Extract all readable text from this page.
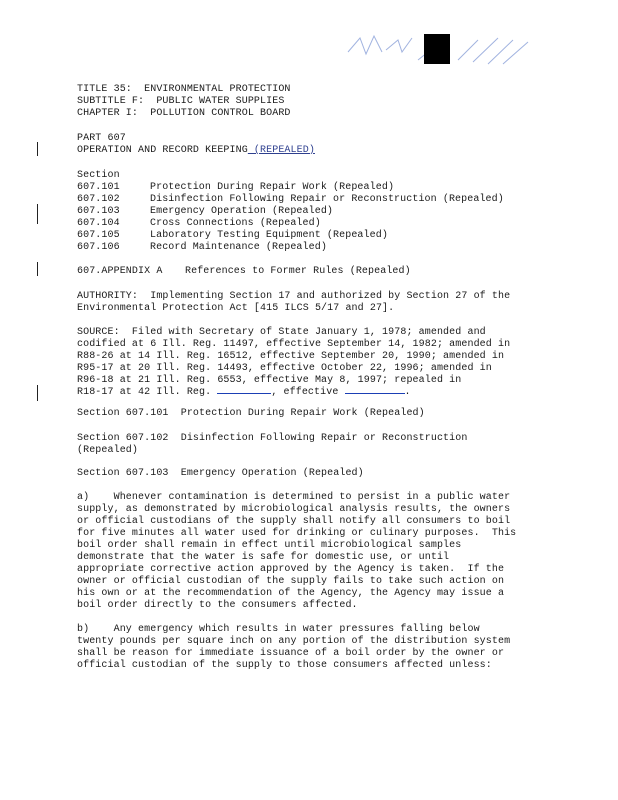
TITLE 35:  ENVIRONMENTAL PROTECTION
SUBTITLE F:  PUBLIC WATER SUPPLIES
CHAPTER I:  POLLUTION CONTROL BOARD
PART 607
OPERATION AND RECORD KEEPING (REPEALED)
Section
607.101	Protection During Repair Work (Repealed)
607.102	Disinfection Following Repair or Reconstruction (Repealed)
607.103	Emergency Operation (Repealed)
607.104	Cross Connections (Repealed)
607.105	Laboratory Testing Equipment (Repealed)
607.106	Record Maintenance (Repealed)
607.APPENDIX A References to Former Rules (Repealed)
AUTHORITY:  Implementing Section 17 and authorized by Section 27 of the
Environmental Protection Act [415 ILCS 5/17 and 27].
SOURCE:  Filed with Secretary of State January 1, 1978; amended and
codified at 6 Ill. Reg. 11497, effective September 14, 1982; amended in
R88-26 at 14 Ill. Reg. 16512, effective September 20, 1990; amended in
R95-17 at 20 Ill. Reg. 14493, effective October 22, 1996; amended in
R96-18 at 21 Ill. Reg. 6553, effective May 8, 1997; repealed in
R18-17 at 42 Ill. Reg.	, effective	.
Section 607.101  Protection During Repair Work (Repealed)
Section 607.102  Disinfection Following Repair or Reconstruction
(Repealed)
Section 607.103  Emergency Operation (Repealed)
a)    Whenever contamination is determined to persist in a public water
supply, as demonstrated by microbiological analysis results, the owners
or official custodians of the supply shall notify all consumers to boil
for five minutes all water used for drinking or culinary purposes.  This
boil order shall remain in effect until microbiological samples
demonstrate that the water is safe for domestic use, or until
appropriate corrective action approved by the Agency is taken.  If the
owner or official custodian of the supply fails to take such action on
his own or at the recommendation of the Agency, the Agency may issue a
boil order directly to the consumers affected.
b)    Any emergency which results in water pressures falling below
twenty pounds per square inch on any portion of the distribution system
shall be reason for immediate issuance of a boil order by the owner or
official custodian of the supply to those consumers affected unless:
